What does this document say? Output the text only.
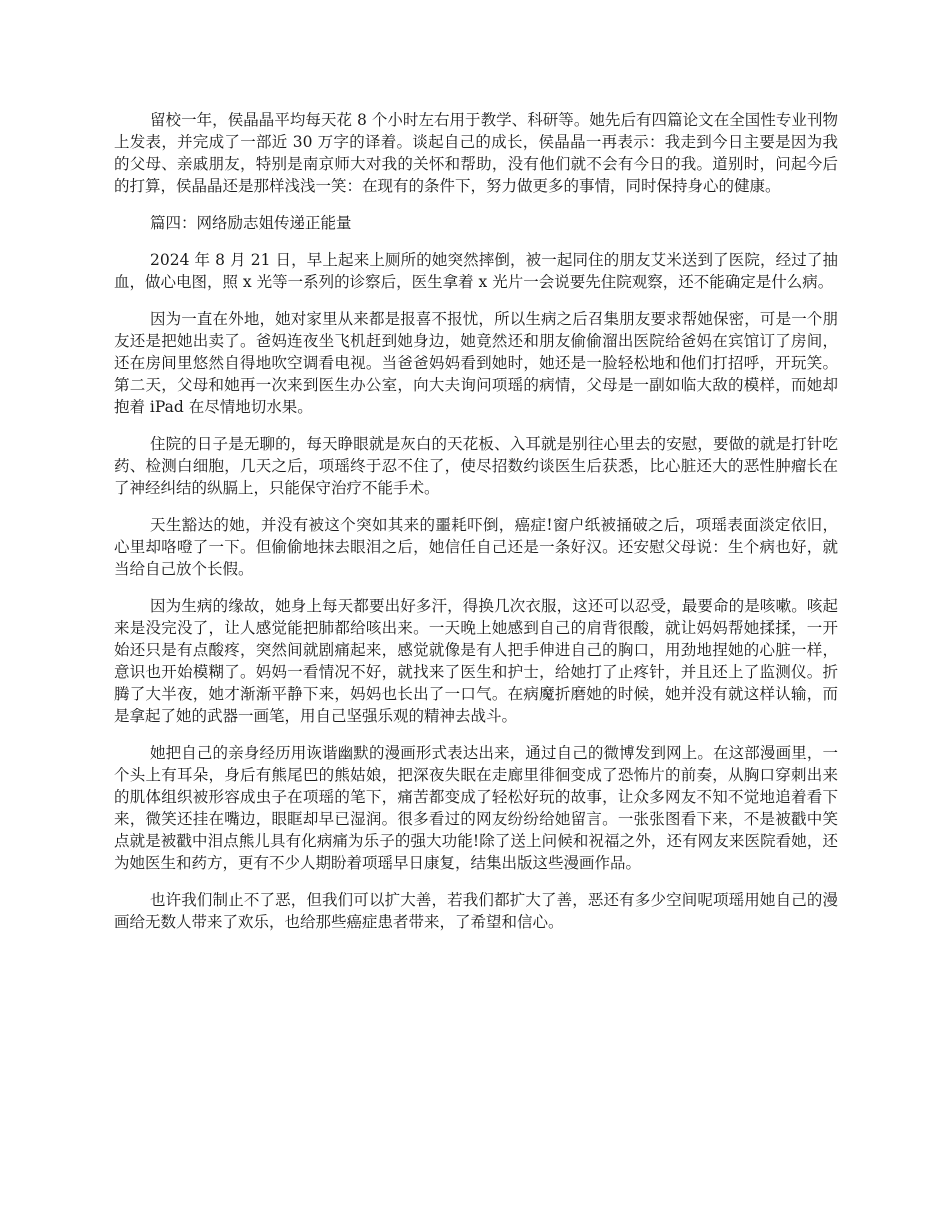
留校一年，侯晶晶平均每天花 8 个小时左右用于教学、科研等。她先后有四篇论文在全国性专业刊物上发表，并完成了一部近 30 万字的译着。谈起自己的成长，侯晶晶一再表示：我走到今日主要是因为我的父母、亲戚朋友，特别是南京师大对我的关怀和帮助，没有他们就不会有今日的我。道别时，问起今后的打算，侯晶晶还是那样浅浅一笑：在现有的条件下，努力做更多的事情，同时保持身心的健康。

篇四：网络励志姐传递正能量

2024 年 8 月 21 日，早上起来上厕所的她突然摔倒，被一起同住的朋友艾米送到了医院，经过了抽血，做心电图，照 x 光等一系列的诊察后，医生拿着 x 光片一会说要先住院观察，还不能确定是什么病。

因为一直在外地，她对家里从来都是报喜不报忧，所以生病之后召集朋友要求帮她保密，可是一个朋友还是把她出卖了。爸妈连夜坐飞机赶到她身边，她竟然还和朋友偷偷溜出医院给爸妈在宾馆订了房间，还在房间里悠然自得地吹空调看电视。当爸爸妈妈看到她时，她还是一脸轻松地和他们打招呼，开玩笑。第二天，父母和她再一次来到医生办公室，向大夫询问项瑶的病情，父母是一副如临大敌的模样，而她却抱着 iPad 在尽情地切水果。

住院的日子是无聊的，每天睁眼就是灰白的天花板、入耳就是别往心里去的安慰，要做的就是打针吃药、检测白细胞，几天之后，项瑶终于忍不住了，使尽招数约谈医生后获悉，比心脏还大的恶性肿瘤长在了神经纠结的纵膈上，只能保守治疗不能手术。

天生豁达的她，并没有被这个突如其来的噩耗吓倒，癌症!窗户纸被捅破之后，项瑶表面淡定依旧，心里却咯噔了一下。但偷偷地抹去眼泪之后，她信任自己还是一条好汉。还安慰父母说：生个病也好，就当给自己放个长假。

因为生病的缘故，她身上每天都要出好多汗，得换几次衣服，这还可以忍受，最要命的是咳嗽。咳起来是没完没了，让人感觉能把肺都给咳出来。一天晚上她感到自己的肩背很酸，就让妈妈帮她揉揉，一开始还只是有点酸疼，突然间就剧痛起来，感觉就像是有人把手伸进自己的胸口，用劲地捏她的心脏一样，意识也开始模糊了。妈妈一看情况不好，就找来了医生和护士，给她打了止疼针，并且还上了监测仪。折腾了大半夜，她才渐渐平静下来，妈妈也长出了一口气。在病魔折磨她的时候，她并没有就这样认输，而是拿起了她的武器一画笔，用自己坚强乐观的精神去战斗。

她把自己的亲身经历用诙谐幽默的漫画形式表达出来，通过自己的微博发到网上。在这部漫画里，一个头上有耳朵，身后有熊尾巴的熊姑娘，把深夜失眠在走廊里徘徊变成了恐怖片的前奏，从胸口穿刺出来的肌体组织被形容成虫子在项瑶的笔下，痛苦都变成了轻松好玩的故事，让众多网友不知不觉地追着看下来，微笑还挂在嘴边，眼眶却早已湿润。很多看过的网友纷纷给她留言。一张张图看下来，不是被戳中笑点就是被戳中泪点熊儿具有化病痛为乐子的强大功能!除了送上问候和祝福之外，还有网友来医院看她，还为她医生和药方，更有不少人期盼着项瑶早日康复，结集出版这些漫画作品。

也许我们制止不了恶，但我们可以扩大善，若我们都扩大了善，恶还有多少空间呢项瑶用她自己的漫画给无数人带来了欢乐，也给那些癌症患者带来，了希望和信心。
